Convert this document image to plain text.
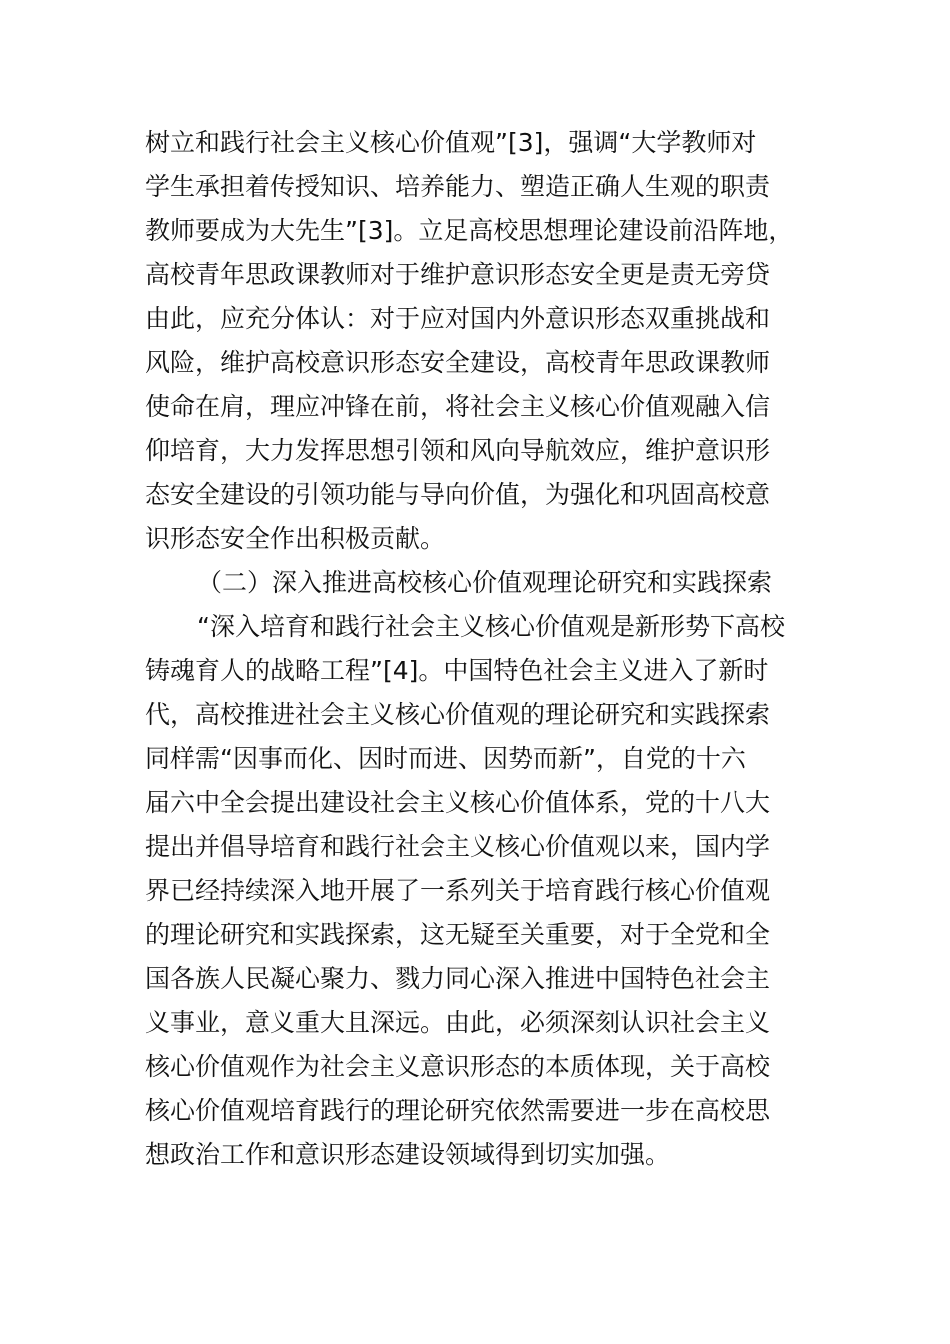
树立和践行社会主义核心价值观”[3]，强调“大学教师对
学生承担着传授知识、培养能力、塑造正确人生观的职责
教师要成为大先生”[3]。立足高校思想理论建设前沿阵地，
高校青年思政课教师对于维护意识形态安全更是责无旁贷
由此，应充分体认：对于应对国内外意识形态双重挑战和
风险，维护高校意识形态安全建设，高校青年思政课教师
使命在肩，理应冲锋在前，将社会主义核心价值观融入信
仰培育，大力发挥思想引领和风向导航效应，维护意识形
态安全建设的引领功能与导向价值，为强化和巩固高校意
识形态安全作出积极贡献。
（二）深入推进高校核心价值观理论研究和实践探索
“深入培育和践行社会主义核心价值观是新形势下高校
铸魂育人的战略工程”[4]。中国特色社会主义进入了新时
代，高校推进社会主义核心价值观的理论研究和实践探索
同样需“因事而化、因时而进、因势而新”，自党的十六
届六中全会提出建设社会主义核心价值体系，党的十八大
提出并倡导培育和践行社会主义核心价值观以来，国内学
界已经持续深入地开展了一系列关于培育践行核心价值观
的理论研究和实践探索，这无疑至关重要，对于全党和全
国各族人民凝心聚力、戮力同心深入推进中国特色社会主
义事业，意义重大且深远。由此，必须深刻认识社会主义
核心价值观作为社会主义意识形态的本质体现，关于高校
核心价值观培育践行的理论研究依然需要进一步在高校思
想政治工作和意识形态建设领域得到切实加强。
